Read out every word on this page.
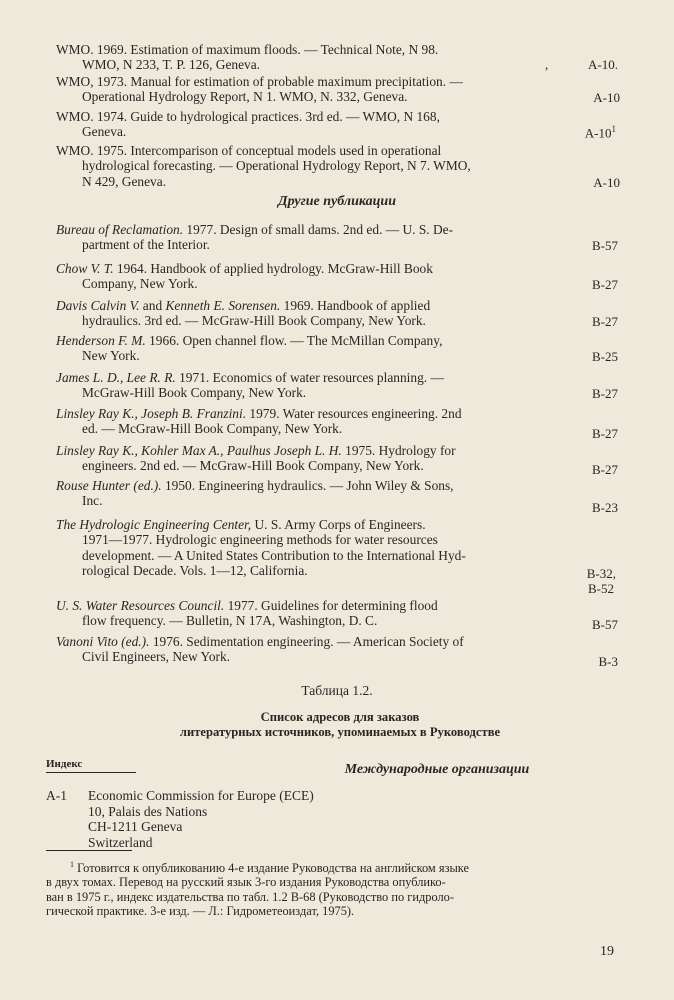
WMO. 1969. Estimation of maximum floods. — Technical Note, N 98.
WMO, N 233, T. P. 126, Geneva.	,	A-10.
WMO, 1973. Manual for estimation of probable maximum precipitation. —
Operational Hydrology Report, N 1. WMO, N. 332, Geneva.	A-10
WMO. 1974. Guide to hydrological practices. 3rd ed. — WMO, N 168,
Geneva.	$A-10^1$
WMO. 1975. Intercomparison of conceptual models used in operational
hydrological forecasting. — Operational Hydrology Report, N 7. WMO,
N 429, Geneva.	A-10
Другие публикации
Bureau of Reclamation. 1977. Design of small dams. 2nd ed. — U. S. De-
partment of the Interior.	B-57
Chow V. T. 1964. Handbook of applied hydrology. McGraw-Hill Book
Company, New York.	B-27
Davis Calvin V. and Kenneth E. Sorensen. 1969. Handbook of applied
hydraulics. 3rd ed. — McGraw-Hill Book Company, New York.	B-27
Henderson F. M. 1966. Open channel flow. — The McMillan Company,
New York.	B-25
James L. D., Lee R. R. 1971. Economics of water resources planning. —
McGraw-Hill Book Company, New York.	B-27
Linsley Ray K., Joseph B. Franzini. 1979. Water resources engineering. 2nd
ed. — McGraw-Hill Book Company, New York.	B-27
Linsley Ray K., Kohler Max A., Paulhus Joseph L. H. 1975. Hydrology for
engineers. 2nd ed. — McGraw-Hill Book Company, New York.	B-27
Rouse Hunter (ed.). 1950. Engineering hydraulics. — John Wiley & Sons,
Inc.	B-23
The Hydrologic Engineering Center, U. S. Army Corps of Engineers.
1971—1977. Hydrologic engineering methods for water resources
development. — A United States Contribution to the International Hyd-
rological Decade. Vols. 1—12, California.	B-32,
B-52
U. S. Water Resources Council. 1977. Guidelines for determining flood
flow frequency. — Bulletin, N 17A, Washington, D. C.	B-57
Vanoni Vito (ed.). 1976. Sedimentation engineering. — American Society of
Civil Engineers, New York.	B-3
Таблица 1.2.
Список адресов для заказов
литературных источников, упоминаемых в Руководстве
Индекс	Международные организации
A-1 Economic Commission for Europe (ECE)
10, Palais des Nations
CH-1211 Geneva
Switzerland
$^1$ Готовится к опубликованию 4-е издание Руководства на английском языке
в двух томах. Перевод на русский язык 3-го издания Руководства опублико-
ван в 1975 г., индекс издательства по табл. 1.2 B-68 (Руководство по гидроло-
гической практике. 3-е изд. — Л.: Гидрометеоиздат, 1975).
19
